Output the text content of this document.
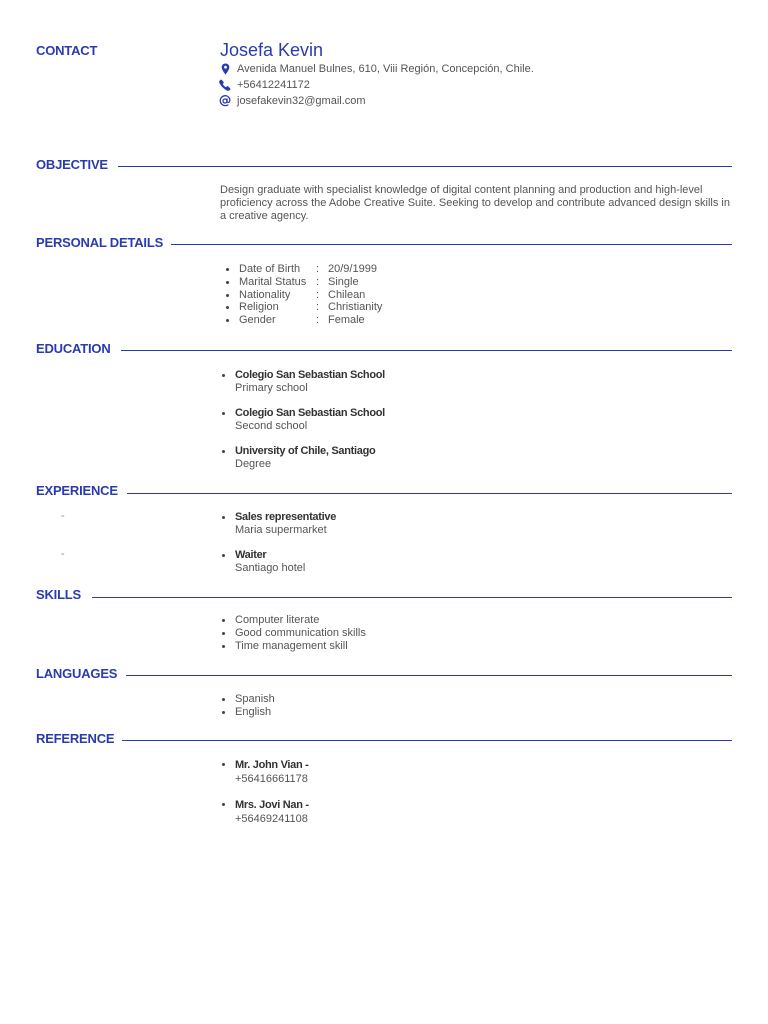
CONTACT	Josefa Kevin
Avenida Manuel Bulnes, 610, Viii Región, Concepción, Chile.
+56412241172
josefakevin32@gmail.com
OBJECTIVE
Design graduate with specialist knowledge of digital content planning and production and high-level proficiency across the Adobe Creative Suite. Seeking to develop and contribute advanced design skills in a creative agency.
PERSONAL DETAILS
Date of Birth	: 20/9/1999
Marital Status : Single
Nationality	: Chilean
Religion	: Christianity
Gender	: Female
EDUCATION
Colegio San Sebastian School
Primary school
Colegio San Sebastian School
Second school
University of Chile, Santiago
Degree
EXPERIENCE
-	Sales representative
Maria supermarket
-	Waiter
Santiago hotel
SKILLS
Computer literate
Good communication skills
Time management skill
LANGUAGES
Spanish
English
REFERENCE
Mr. John Vian -
+56416661178
Mrs. Jovi Nan -
+56469241108
